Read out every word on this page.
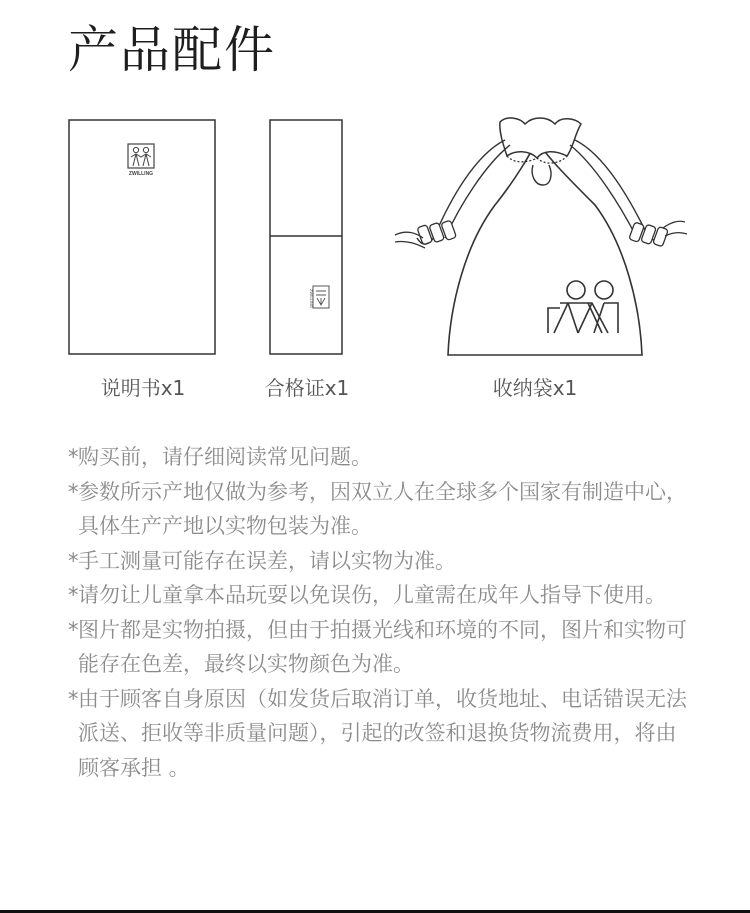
产品配件
ZWILLING
说明书x1
ZWILLING
合格证x1	收纳袋x1
* 购买前，请仔细阅读常见问题。
* 参数所示产地仅做为参考，因双立人在全球多个国家有制造中心，具体生产产地以实物包装为准。
* 手工测量可能存在误差，请以实物为准。
* 请勿让儿童拿本品玩耍以免误伤，儿童需在成年人指导下使用。
* 图片都是实物拍摄，但由于拍摄光线和环境的不同，图片和实物可能存在色差，最终以实物颜色为准。
* 由于顾客自身原因（如发货后取消订单，收货地址、电话错误无法派送、拒收等非质量问题），引起的改签和退换货物流费用，将由顾客承担 。
